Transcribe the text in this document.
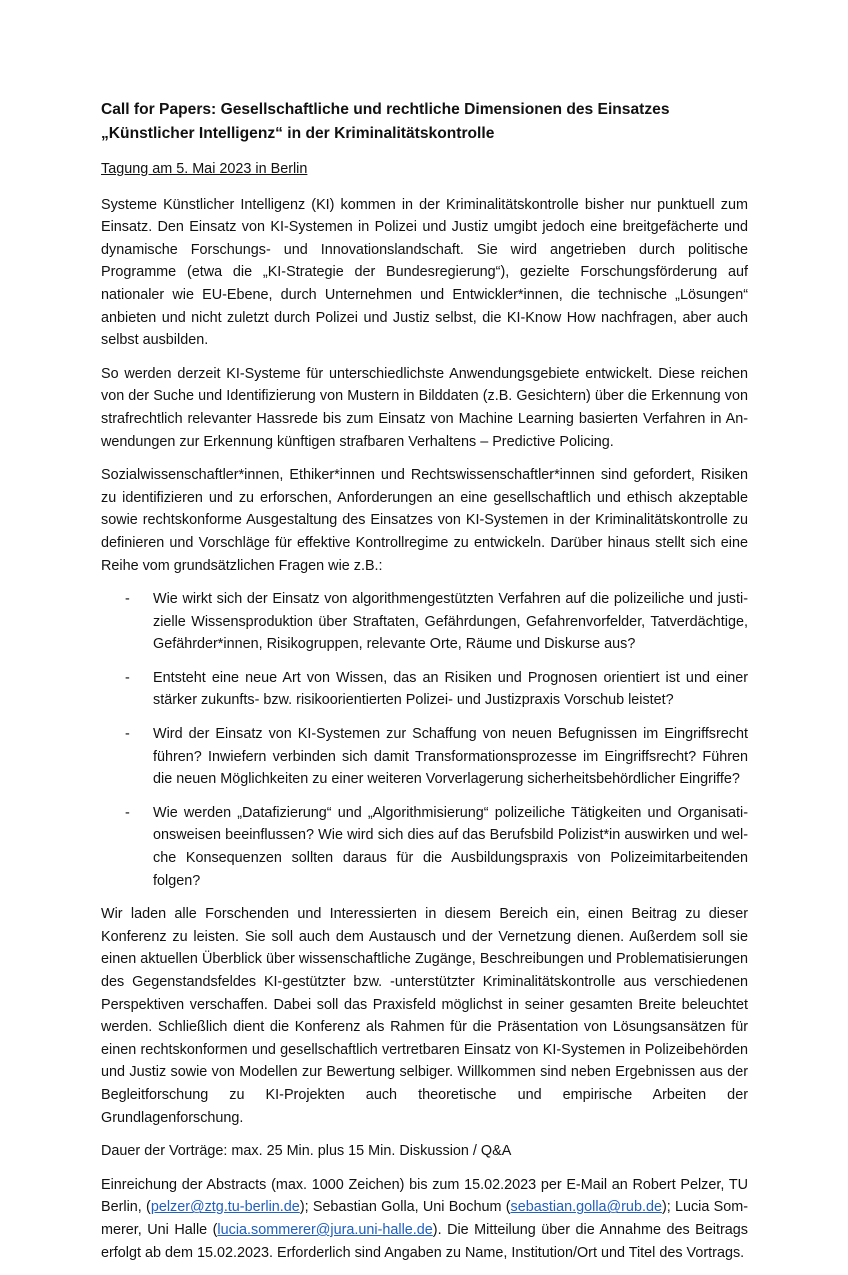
Call for Papers: Gesellschaftliche und rechtliche Dimensionen des Einsatzes
„Künstlicher Intelligenz“ in der Kriminalitätskontrolle

Tagung am 5. Mai 2023 in Berlin

Systeme Künstlicher Intelligenz (KI) kommen in der Kriminalitätskontrolle bisher nur punktuell zum Einsatz. Den Einsatz von KI-Systemen in Polizei und Justiz umgibt jedoch eine breitgefächerte und dynamische Forschungs- und Innovationslandschaft. Sie wird angetrieben durch politische Programme (etwa die „KI-Strategie der Bundesregierung“), gezielte Forschungsförderung auf nationaler wie EU-Ebene, durch Unternehmen und Entwickler*innen, die technische „Lösungen“ anbieten und nicht zuletzt durch Polizei und Justiz selbst, die KI-Know How nachfragen, aber auch selbst ausbilden.

So werden derzeit KI-Systeme für unterschiedlichste Anwendungsgebiete entwickelt. Diese reichen von der Suche und Identifizierung von Mustern in Bilddaten (z.B. Gesichtern) über die Erkennung von strafrechtlich relevanter Hassrede bis zum Einsatz von Machine Learning basierten Verfahren in Anwendungen zur Erkennung künftigen strafbaren Verhaltens – Predictive Policing.

Sozialwissenschaftler*innen, Ethiker*innen und Rechtswissenschaftler*innen sind gefordert, Risiken zu identifizieren und zu erforschen, Anforderungen an eine gesellschaftlich und ethisch akzeptable sowie rechtskonforme Ausgestaltung des Einsatzes von KI-Systemen in der Kriminalitätskontrolle zu definieren und Vorschläge für effektive Kontrollregime zu entwickeln. Darüber hinaus stellt sich eine Reihe vom grundsätzlichen Fragen wie z.B.:

- Wie wirkt sich der Einsatz von algorithmengestützten Verfahren auf die polizeiliche und justizielle Wissensproduktion über Straftaten, Gefährdungen, Gefahrenvorfelder, Tatverdächtige, Gefährder*innen, Risikogruppen, relevante Orte, Räume und Diskurse aus?
- Entsteht eine neue Art von Wissen, das an Risiken und Prognosen orientiert ist und einer stärker zukunfts- bzw. risikoorientierten Polizei- und Justizpraxis Vorschub leistet?
- Wird der Einsatz von KI-Systemen zur Schaffung von neuen Befugnissen im Eingriffsrecht führen? Inwiefern verbinden sich damit Transformationsprozesse im Eingriffsrecht? Führen die neuen Möglichkeiten zu einer weiteren Vorverlagerung sicherheitsbehördlicher Eingriffe?
- Wie werden „Datafizierung“ und „Algorithmisierung“ polizeiliche Tätigkeiten und Organisationsweisen beeinflussen? Wie wird sich dies auf das Berufsbild Polizist*in auswirken und welche Konsequenzen sollten daraus für die Ausbildungspraxis von Polizeimitarbeitenden folgen?

Wir laden alle Forschenden und Interessierten in diesem Bereich ein, einen Beitrag zu dieser Konferenz zu leisten. Sie soll auch dem Austausch und der Vernetzung dienen. Außerdem soll sie einen aktuellen Überblick über wissenschaftliche Zugänge, Beschreibungen und Problematisierungen des Gegenstandsfeldes KI-gestützter bzw. -unterstützter Kriminalitätskontrolle aus verschiedenen Perspektiven verschaffen. Dabei soll das Praxisfeld möglichst in seiner gesamten Breite beleuchtet werden. Schließlich dient die Konferenz als Rahmen für die Präsentation von Lösungsansätzen für einen rechtskonformen und gesellschaftlich vertretbaren Einsatz von KI-Systemen in Polizeibehörden und Justiz sowie von Modellen zur Bewertung selbiger. Willkommen sind neben Ergebnissen aus der Begleitforschung zu KI-Projekten auch theoretische und empirische Arbeiten der Grundlagenforschung.

Dauer der Vorträge: max. 25 Min. plus 15 Min. Diskussion / Q&A

Einreichung der Abstracts (max. 1000 Zeichen) bis zum 15.02.2023 per E-Mail an Robert Pelzer, TU Berlin, (pelzer@ztg.tu-berlin.de); Sebastian Golla, Uni Bochum (sebastian.golla@rub.de); Lucia Sommerer, Uni Halle (lucia.sommerer@jura.uni-halle.de). Die Mitteilung über die Annahme des Beitrags erfolgt ab dem 15.02.2023. Erforderlich sind Angaben zu Name, Institution/Ort und Titel des Vortrags.
